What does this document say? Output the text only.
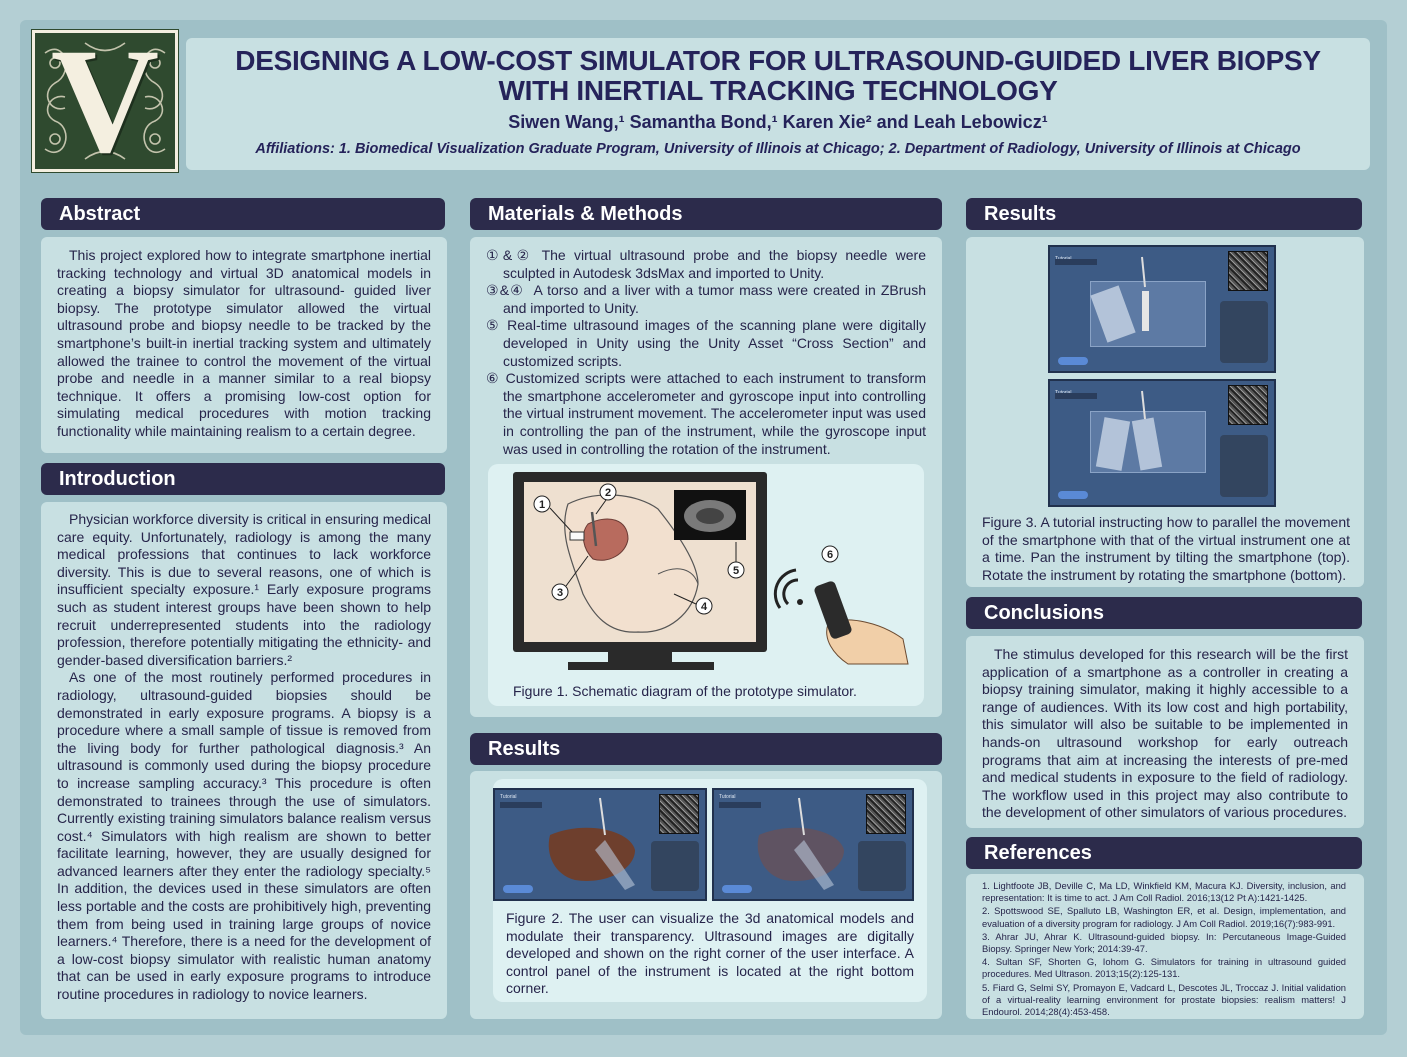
V	DESIGNING A LOW-COST SIMULATOR FOR ULTRASOUND-GUIDED LIVER BIOPSY
WITH INERTIAL TRACKING TECHNOLOGY
Siwen Wang,¹ Samantha Bond,¹ Karen Xie² and Leah Lebowicz¹
Affiliations: 1. Biomedical Visualization Graduate Program, University of Illinois at Chicago; 2. Department of Radiology, University of Illinois at Chicago
Abstract
This project explored how to integrate smartphone inertial tracking technology and virtual 3D anatomical models in creating a biopsy simulator for ultrasound- guided liver biopsy. The prototype simulator allowed the virtual ultrasound probe and biopsy needle to be tracked by the smartphone’s built-in inertial tracking system and ultimately allowed the trainee to control the movement of the virtual probe and needle in a manner similar to a real biopsy technique. It offers a promising low-cost option for simulating medical procedures with motion tracking functionality while maintaining realism to a certain degree.
Introduction

Physician workforce diversity is critical in ensuring medical care equity. Unfortunately, radiology is among the many medical professions that continues to lack workforce diversity. This is due to several reasons, one of which is insufficient specialty exposure.¹ Early exposure programs such as student interest groups have been shown to help recruit underrepresented students into the radiology profession, therefore potentially mitigating the ethnicity- and gender-based diversification barriers.²

As one of the most routinely performed procedures in radiology, ultrasound-guided biopsies should be demonstrated in early exposure programs. A biopsy is a procedure where a small sample of tissue is removed from the living body for further pathological diagnosis.³ An ultrasound is commonly used during the biopsy procedure to increase sampling accuracy.³ This procedure is often demonstrated to trainees through the use of simulators. Currently existing training simulators balance realism versus cost.⁴ Simulators with high realism are shown to better facilitate learning, however, they are usually designed for advanced learners after they enter the radiology specialty.⁵ In addition, the devices used in these simulators are often less portable and the costs are prohibitively high, preventing them from being used in training large groups of novice learners.⁴ Therefore, there is a need for the development of a low-cost biopsy simulator with realistic human anatomy that can be used in early exposure programs to introduce routine procedures in radiology to novice learners.

Materials & Methods

①&② The virtual ultrasound probe and the biopsy needle were sculpted in Autodesk 3dsMax and imported to Unity.

③&④ A torso and a liver with a tumor mass were created in ZBrush and imported to Unity.

⑤ Real-time ultrasound images of the scanning plane were digitally developed in Unity using the Unity Asset “Cross Section” and customized scripts.

⑥ Customized scripts were attached to each instrument to transform the smartphone accelerometer and gyroscope input into controlling the virtual instrument movement. The accelerometer input was used in controlling the pan of the instrument, while the gyroscope input was used in controlling the rotation of the instrument.

1
2
3
4
5
6
Figure 1. Schematic diagram of the prototype simulator.
Results
Tutorial	Tutorial
Figure 2. The user can visualize the 3d anatomical models and modulate their transparency. Ultrasound images are digitally developed and shown on the right corner of the user interface. A control panel of the instrument is located at the right bottom corner.
Results
Figure 3. A tutorial instructing how to parallel the movement of the smartphone with that of the virtual instrument one at a time. Pan the instrument by tilting the smartphone (top). Rotate the instrument by rotating the smartphone (bottom).
Conclusions
The stimulus developed for this research will be the first application of a smartphone as a controller in creating a biopsy training simulator, making it highly accessible to a range of audiences. With its low cost and high portability, this simulator will also be suitable to be implemented in hands-on ultrasound workshop for early outreach programs that aim at increasing the interests of pre-med and medical students in exposure to the field of radiology. The workflow used in this project may also contribute to the development of other simulators of various procedures.
References

1. Lightfoote JB, Deville C, Ma LD, Winkfield KM, Macura KJ. Diversity, inclusion, and representation: It is time to act. J Am Coll Radiol. 2016;13(12 Pt A):1421-1425.

2. Spottswood SE, Spalluto LB, Washington ER, et al. Design, implementation, and evaluation of a diversity program for radiology. J Am Coll Radiol. 2019;16(7):983-991.

3. Ahrar JU, Ahrar K. Ultrasound-guided biopsy. In: Percutaneous Image-Guided Biopsy. Springer New York; 2014:39-47.

4. Sultan SF, Shorten G, Iohom G. Simulators for training in ultrasound guided procedures. Med Ultrason. 2013;15(2):125-131.

5. Fiard G, Selmi SY, Promayon E, Vadcard L, Descotes JL, Troccaz J. Initial validation of a virtual-reality learning environment for prostate biopsies: realism matters! J Endourol. 2014;28(4):453-458.
